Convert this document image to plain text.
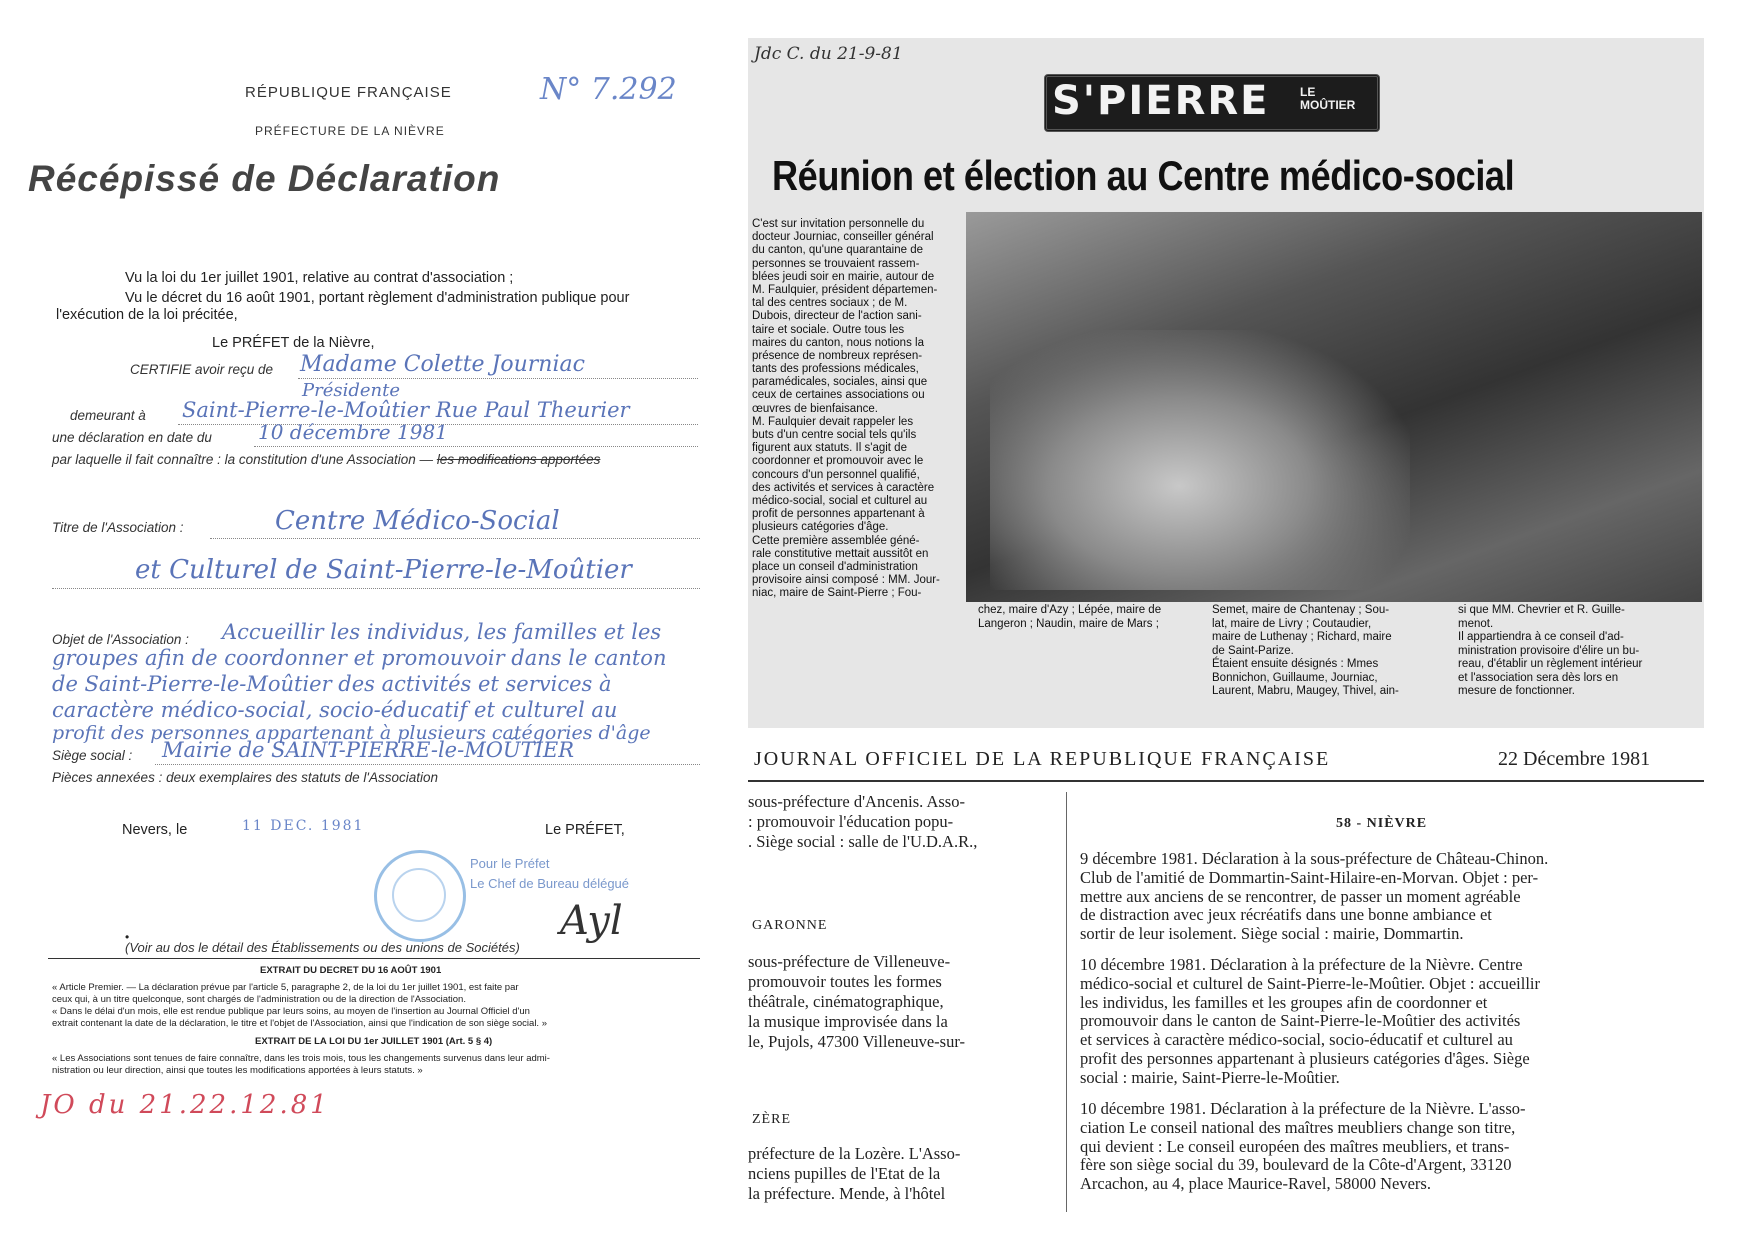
RÉPUBLIQUE FRANÇAISE
PRÉFECTURE DE LA NIÈVRE
N° 7.292
Récépissé de Déclaration
Vu la loi du 1er juillet 1901, relative au contrat d'association ;
Vu le décret du 16 août 1901, portant règlement d'administration publique pour
l'exécution de la loi précitée,
Le PRÉFET de la Nièvre,
CERTIFIE avoir reçu de Madame Colette Journiac
Présidente
demeurant à Saint-Pierre-le-Moûtier Rue Paul Theurier
une déclaration en date du 10 décembre 1981
par laquelle il fait connaître : la constitution d'une Association — les modifications apportées
Titre de l'Association :	Centre Médico-Social
et Culturel de Saint-Pierre-le-Moûtier
Objet de l'Association : Accueillir les individus, les familles et les
groupes afin de coordonner et promouvoir dans le canton
de Saint-Pierre-le-Moûtier des activités et services à
caractère médico-social, socio-éducatif et culturel au
profit des personnes appartenant à plusieurs catégories d'âge
Siège social : Mairie de SAINT-PIERRE-le-MOÛTIER
Pièces annexées : deux exemplaires des statuts de l'Association
Nevers, le	11 DEC. 1981	Le PRÉFET,
Pour le Préfet
Le Chef de Bureau délégué
Ayl
•
(Voir au dos le détail des Établissements ou des unions de Sociétés)
EXTRAIT DU DECRET DU 16 AOÛT 1901
« Article Premier. — La déclaration prévue par l'article 5, paragraphe 2, de la loi du 1er juillet 1901, est faite par
ceux qui, à un titre quelconque, sont chargés de l'administration ou de la direction de l'Association.
« Dans le délai d'un mois, elle est rendue publique par leurs soins, au moyen de l'insertion au Journal Officiel d'un
extrait contenant la date de la déclaration, le titre et l'objet de l'Association, ainsi que l'indication de son siège social. »
EXTRAIT DE LA LOI DU 1er JUILLET 1901 (Art. 5 § 4)
« Les Associations sont tenues de faire connaître, dans les trois mois, tous les changements survenus dans leur admi-
nistration ou leur direction, ainsi que toutes les modifications apportées à leurs statuts. »
JO du 21.22.12.81
Jdc C. du 21-9-81
S'PIERRE	LE
MOÛTIER
Réunion et élection au Centre médico-social
C'est sur invitation personnelle du
docteur Journiac, conseiller général
du canton, qu'une quarantaine de
personnes se trouvaient rassem-
blées jeudi soir en mairie, autour de
M. Faulquier, président départemen-
tal des centres sociaux ; de M.
Dubois, directeur de l'action sani-
taire et sociale. Outre tous les
maires du canton, nous notions la
présence de nombreux représen-
tants des professions médicales,
paramédicales, sociales, ainsi que
ceux de certaines associations ou
œuvres de bienfaisance.
M. Faulquier devait rappeler les
buts d'un centre social tels qu'ils
figurent aux statuts. Il s'agit de
coordonner et promouvoir avec le
concours d'un personnel qualifié,
des activités et services à caractère
médico-social, social et culturel au
profit de personnes appartenant à
plusieurs catégories d'âge.
Cette première assemblée géné-
rale constitutive mettait aussitôt en
place un conseil d'administration
provisoire ainsi composé : MM. Jour-
niac, maire de Saint-Pierre ; Fou-
chez, maire d'Azy ; Lépée, maire de
Langeron ; Naudin, maire de Mars ;
Semet, maire de Chantenay ; Sou-
lat, maire de Livry ; Coutaudier,
maire de Luthenay ; Richard, maire
de Saint-Parize.
Étaient ensuite désignés : Mmes
Bonnichon, Guillaume, Journiac,
Laurent, Mabru, Maugey, Thivel, ain-
si que MM. Chevrier et R. Guille-
menot.
Il appartiendra à ce conseil d'ad-
ministration provisoire d'élire un bu-
reau, d'établir un règlement intérieur
et l'association sera dès lors en
mesure de fonctionner.
JOURNAL OFFICIEL DE LA REPUBLIQUE FRANÇAISE	22 Décembre 1981
sous-préfecture d'Ancenis. Asso-
: promouvoir l'éducation popu-
. Siège social : salle de l'U.D.A.R.,
GARONNE
sous-préfecture de Villeneuve-
promouvoir toutes les formes
théâtrale, cinématographique,
la musique improvisée dans la
le, Pujols, 47300 Villeneuve-sur-
ZÈRE
préfecture de la Lozère. L'Asso-
nciens pupilles de l'Etat de la
la préfecture. Mende, à l'hôtel
58 - NIÈVRE
9 décembre 1981. Déclaration à la sous-préfecture de Château-Chinon.
Club de l'amitié de Dommartin-Saint-Hilaire-en-Morvan. Objet : per-
mettre aux anciens de se rencontrer, de passer un moment agréable
de distraction avec jeux récréatifs dans une bonne ambiance et
sortir de leur isolement. Siège social : mairie, Dommartin.
10 décembre 1981. Déclaration à la préfecture de la Nièvre. Centre
médico-social et culturel de Saint-Pierre-le-Moûtier. Objet : accueillir
les individus, les familles et les groupes afin de coordonner et
promouvoir dans le canton de Saint-Pierre-le-Moûtier des activités
et services à caractère médico-social, socio-éducatif et culturel au
profit des personnes appartenant à plusieurs catégories d'âges. Siège
social : mairie, Saint-Pierre-le-Moûtier.
10 décembre 1981. Déclaration à la préfecture de la Nièvre. L'asso-
ciation Le conseil national des maîtres meubliers change son titre,
qui devient : Le conseil européen des maîtres meubliers, et trans-
fère son siège social du 39, boulevard de la Côte-d'Argent, 33120
Arcachon, au 4, place Maurice-Ravel, 58000 Nevers.
